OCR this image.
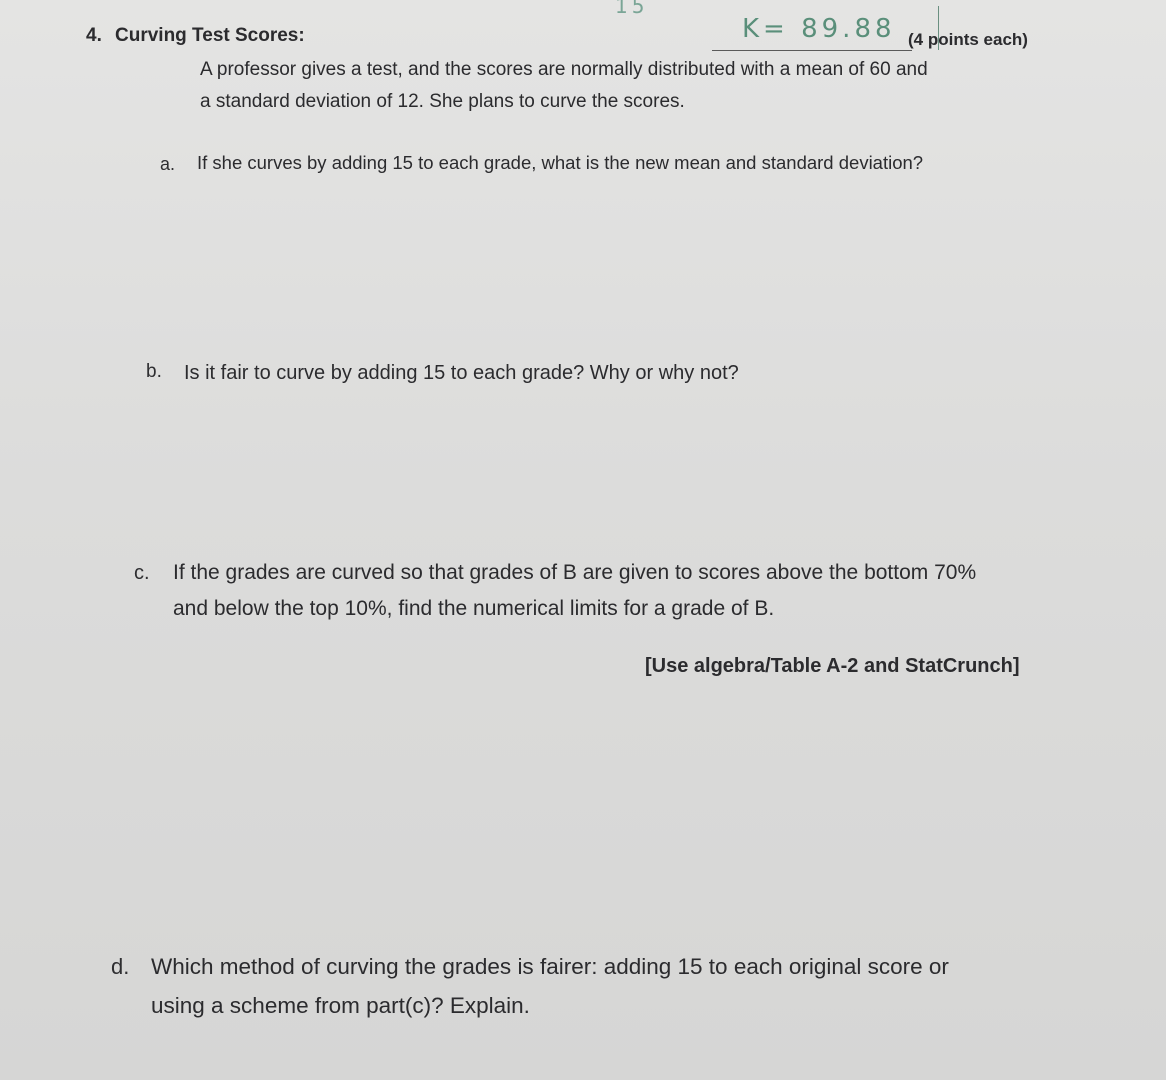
15
K= 89.88
4. Curving Test Scores:	(4 points each)
A professor gives a test, and the scores are normally distributed with a mean of 60 and
a standard deviation of 12. She plans to curve the scores.
a. If she curves by adding 15 to each grade, what is the new mean and standard deviation?
b. Is it fair to curve by adding 15 to each grade? Why or why not?
c. If the grades are curved so that grades of B are given to scores above the bottom 70%
and below the top 10%, find the numerical limits for a grade of B.
[Use algebra/Table A-2 and StatCrunch]
d. Which method of curving the grades is fairer: adding 15 to each original score or
using a scheme from part(c)? Explain.
